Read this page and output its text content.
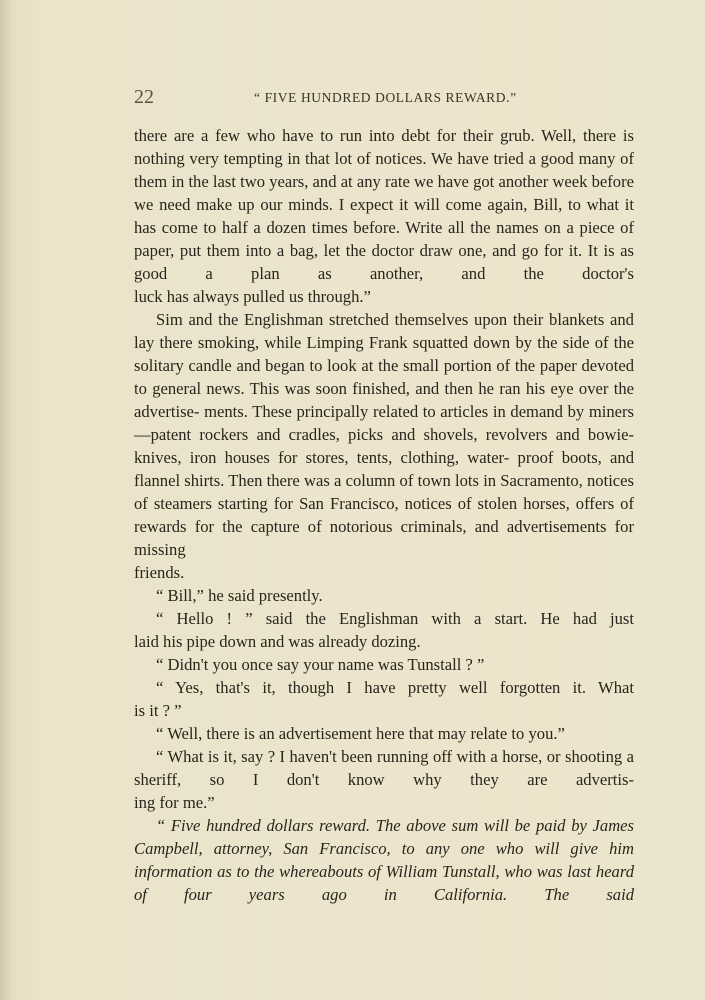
22	“ FIVE HUNDRED DOLLARS REWARD.”

there are a few who have to run into debt for their grub. Well, there is nothing very tempting in that lot of notices. We have tried a good many of them in the last two years, and at any rate we have got another week before we need make up our minds. I expect it will come again, Bill, to what it has come to half a dozen times before. Write all the names on a piece of paper, put them into a bag, let the doctor draw one, and go for it. It is as good a plan as another, and the doctor's

luck has always pulled us through.”

Sim and the Englishman stretched themselves upon their blankets and lay there smoking, while Limping Frank squatted down by the side of the solitary candle and began to look at the small portion of the paper devoted to general news. This was soon finished, and then he ran his eye over the advertise- ments. These principally related to articles in demand by miners—patent rockers and cradles, picks and shovels, revolvers and bowie-knives, iron houses for stores, tents, clothing, water- proof boots, and flannel shirts. Then there was a column of town lots in Sacramento, notices of steamers starting for San Francisco, notices of stolen horses, offers of rewards for the capture of notorious criminals, and advertisements for missing

friends.

“ Bill,” he said presently.

“ Hello ! ” said the Englishman with a start. He had just

laid his pipe down and was already dozing.

“ Didn't you once say your name was Tunstall ? ”

“ Yes, that's it, though I have pretty well forgotten it. What

is it ? ”

“ Well, there is an advertisement here that may relate to you.”

“ What is it, say ? I haven't been running off with a horse, or shooting a sheriff, so I don't know why they are advertis-

ing for me.”

“ Five hundred dollars reward. The above sum will be paid by James Campbell, attorney, San Francisco, to any one who will give him information as to the whereabouts of William Tunstall, who was last heard of four years ago in California. The said
